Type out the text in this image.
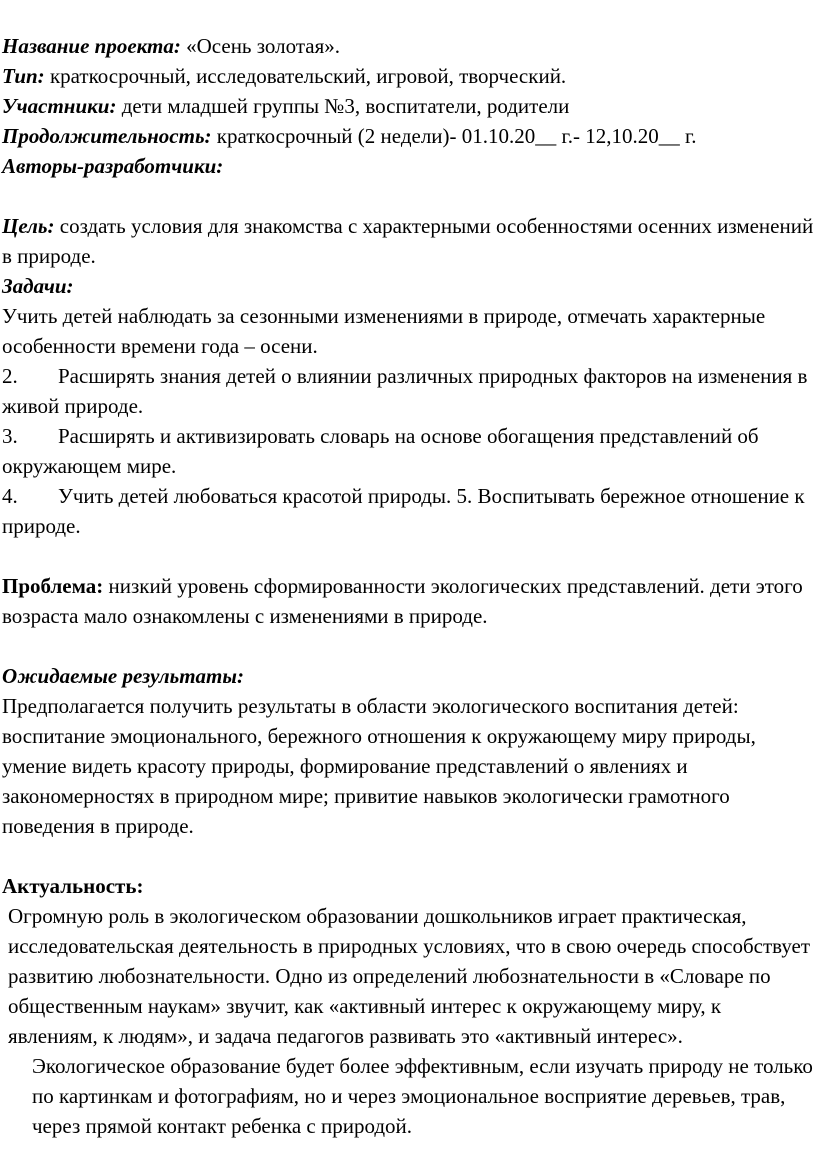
Название проекта: «Осень золотая».

Тип: краткосрочный, исследовательский, игровой, творческий.

Участники: дети младшей группы №3, воспитатели, родители

Продолжительность: краткосрочный (2 недели)- 01.10.20__ г.- 12,10.20__ г.

Авторы-разработчики:

Цель: создать условия для знакомства с характерными особенностями осенних изменений в природе.

Задачи:

Учить детей наблюдать за сезонными изменениями в природе, отмечать характерные особенности времени года – осени.

2. Расширять знания детей о влиянии различных природных факторов на изменения в живой природе.

3. Расширять и активизировать словарь на основе обогащения представлений об окружающем мире.

4. Учить детей любоваться красотой природы. 5. Воспитывать бережное отношение к природе.

Проблема: низкий уровень сформированности экологических представлений. дети этого возраста мало ознакомлены с изменениями в природе.

Ожидаемые результаты:

Предполагается получить результаты в области экологического воспитания детей: воспитание эмоционального, бережного отношения к окружающему миру природы, умение видеть красоту природы, формирование представлений о явлениях и закономерностях в природном мире; привитие навыков экологически грамотного поведения в природе.

Актуальность:

Огромную роль в экологическом образовании дошкольников играет практическая, исследовательская деятельность в природных условиях, что в свою очередь способствует развитию любознательности. Одно из определений любознательности в «Словаре по общественным наукам» звучит, как «активный интерес к окружающему миру, к явлениям, к людям», и задача педагогов развивать это «активный интерес».

Экологическое образование будет более эффективным, если изучать природу не только по картинкам и фотографиям, но и через эмоциональное восприятие деревьев, трав, через прямой контакт ребенка с природой.
